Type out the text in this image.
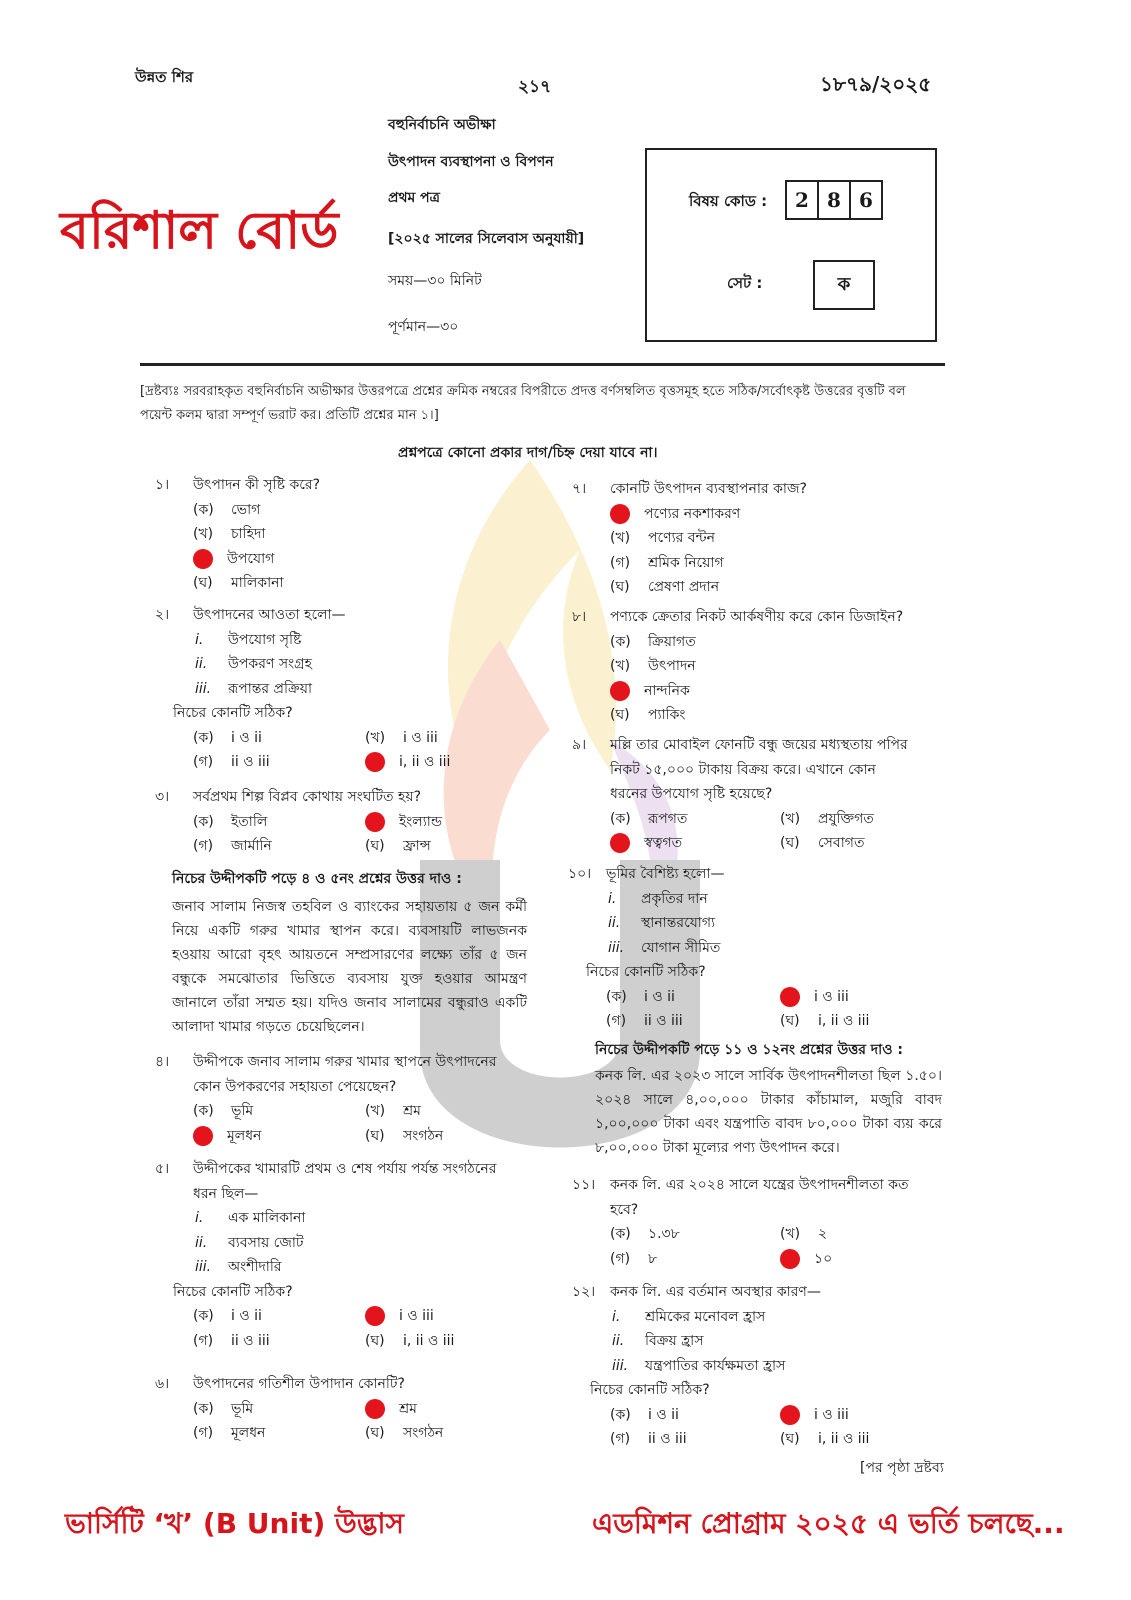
উন্নত শির	২১৭	১৮৭৯/২০২৫
বরিশাল বোর্ড
বহুনির্বাচনি অভীক্ষা
উৎপাদন ব্যবস্থাপনা ও বিপণন
প্রথম পত্র
[২০২৫ সালের সিলেবাস অনুযায়ী]
সময়—৩০ মিনিট
পূর্ণমান—৩০
বিষয় কোড :	2 8 6
সেট :	ক
[দ্রষ্টব্যঃ সরবরাহকৃত বহুনির্বাচনি অভীক্ষার উত্তরপত্রে প্রশ্নের ক্রমিক নম্বরের বিপরীতে প্রদত্ত বর্ণসম্বলিত বৃত্তসমূহ হতে সঠিক/সর্বোৎকৃষ্ট উত্তরের বৃত্তটি বল পয়েন্ট কলম দ্বারা সম্পূর্ণ ভরাট কর। প্রতিটি প্রশ্নের মান ১।]
প্রশ্নপত্রে কোনো প্রকার দাগ/চিহ্ন দেয়া যাবে না।
নিচের উদ্দীপকটি পড়ে ৪ ও ৫নং প্রশ্নের উত্তর দাও :
জনাব সালাম নিজস্ব তহবিল ও ব্যাংকের সহায়তায় ৫ জন কর্মী নিয়ে একটি গরুর খামার স্থাপন করে। ব্যবসায়টি লাভজনক হওয়ায় আরো বৃহৎ আয়তনে সম্প্রসারণের লক্ষ্যে তাঁর ৫ জন বন্ধুকে সমঝোতার ভিত্তিতে ব্যবসায় যুক্ত হওয়ার আমন্ত্রণ জানালে তাঁরা সম্মত হয়। যদিও জনাব সালামের বন্ধুরাও একটি আলাদা খামার গড়তে চেয়েছিলেন।
নিচের উদ্দীপকটি পড়ে ১১ ও ১২নং প্রশ্নের উত্তর দাও :
কনক লি. এর ২০২৩ সালে সার্বিক উৎপাদনশীলতা ছিল ১.৫০। ২০২৪ সালে ৪,০০,০০০ টাকার কাঁচামাল, মজুরি বাবদ ১,০০,০০০ টাকা এবং যন্ত্রপাতি বাবদ ৮০,০০০ টাকা ব্যয় করে ৮,০০,০০০ টাকা মূল্যের পণ্য উৎপাদন করে।
১। উৎপাদন কী সৃষ্টি করে?
(ক) ভোগ
(খ) চাহিদা
উপযোগ
(ঘ) মালিকানা
২। উৎপাদনের আওতা হলো—
i. উপযোগ সৃষ্টি
ii. উপকরণ সংগ্রহ
iii. রূপান্তর প্রক্রিয়া
নিচের কোনটি সঠিক?
(ক) i ও ii	(খ) i ও iii
(গ) ii ও iii	i, ii ও iii
৩। সর্বপ্রথম শিল্প বিপ্লব কোথায় সংঘটিত হয়?
(ক) ইতালি	ইংল্যান্ড
(গ) জার্মানি	(ঘ) ফ্রান্স
৪। উদ্দীপকে জনাব সালাম গরুর খামার স্থাপনে উৎপাদনের
কোন উপকরণের সহায়তা পেয়েছেন?
(ক) ভূমি	(খ) শ্রম
মূলধন	(ঘ) সংগঠন
৫। উদ্দীপকের খামারটি প্রথম ও শেষ পর্যায় পর্যন্ত সংগঠনের
ধরন ছিল—
i. এক মালিকানা
ii. ব্যবসায় জোট
iii. অংশীদারি
নিচের কোনটি সঠিক?
(ক) i ও ii	i ও iii
(গ) ii ও iii	(ঘ) i, ii ও iii
৬। উৎপাদনের গতিশীল উপাদান কোনটি?
(ক) ভূমি	শ্রম
(গ) মূলধন	(ঘ) সংগঠন
৭। কোনটি উৎপাদন ব্যবস্থাপনার কাজ?
পণ্যের নকশাকরণ
(খ) পণ্যের বন্টন
(গ) শ্রমিক নিয়োগ
(ঘ) প্রেষণা প্রদান
৮। পণ্যকে ক্রেতার নিকট আর্কষণীয় করে কোন ডিজাইন?
(ক) ক্রিয়াগত
(খ) উৎপাদন
নান্দনিক
(ঘ) প্যাকিং
৯। মল্লি তার মোবাইল ফোনটি বন্ধু জয়ের মধ্যস্থতায় পপির
নিকট ১৫,০০০ টাকায় বিক্রয় করে। এখানে কোন
ধরনের উপযোগ সৃষ্টি হয়েছে?
(ক) রূপগত	(খ) প্রযুক্তিগত
স্বত্বগত	(ঘ) সেবাগত
১০। ভূমির বৈশিষ্ট্য হলো—
i. প্রকৃতির দান
ii. স্থানান্তরযোগ্য
iii. যোগান সীমিত
নিচের কোনটি সঠিক?
(ক) i ও ii	i ও iii
(গ) ii ও iii	(ঘ) i, ii ও iii
১১। কনক লি. এর ২০২৪ সালে যন্ত্রের উৎপাদনশীলতা কত
হবে?
(ক) ১.৩৮	(খ) ২
(গ) ৮	১০
১২। কনক লি. এর বর্তমান অবস্থার কারণ—
i. শ্রমিকের মনোবল হ্রাস
ii. বিক্রয় হ্রাস
iii. যন্ত্রপাতির কার্যক্ষমতা হ্রাস
নিচের কোনটি সঠিক?
(ক) i ও ii	i ও iii
(গ) ii ও iii	(ঘ) i, ii ও iii
[পর পৃষ্ঠা দ্রষ্টব্য
ভার্সিটি ‘খ’ (B Unit) উদ্ভাস	এডমিশন প্রোগ্রাম ২০২৫ এ ভর্তি চলছে...
